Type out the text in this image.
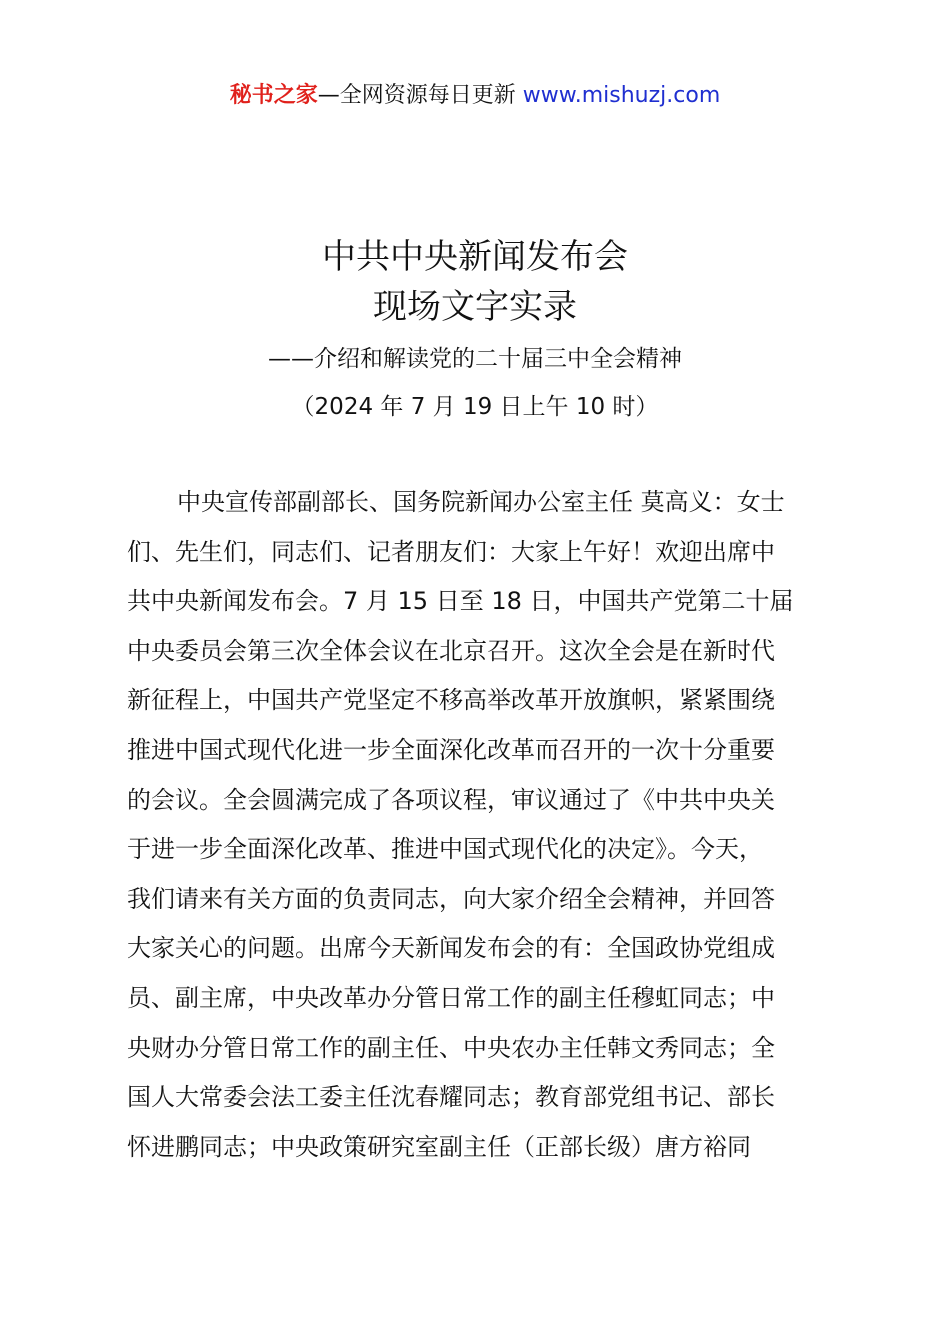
秘书之家—全网资源每日更新 www.mishuzj.com
中共中央新闻发布会
现场文字实录
——介绍和解读党的二十届三中全会精神
（2024 年 7 月 19 日上午 10 时）
中央宣传部副部长、国务院新闻办公室主任 莫高义：女士
们、先生们，同志们、记者朋友们：大家上午好！欢迎出席中
共中央新闻发布会。7 月 15 日至 18 日，中国共产党第二十届
中央委员会第三次全体会议在北京召开。这次全会是在新时代
新征程上，中国共产党坚定不移高举改革开放旗帜，紧紧围绕
推进中国式现代化进一步全面深化改革而召开的一次十分重要
的会议。全会圆满完成了各项议程，审议通过了《中共中央关
于进一步全面深化改革、推进中国式现代化的决定》。今天，
我们请来有关方面的负责同志，向大家介绍全会精神，并回答
大家关心的问题。出席今天新闻发布会的有：全国政协党组成
员、副主席，中央改革办分管日常工作的副主任穆虹同志；中
央财办分管日常工作的副主任、中央农办主任韩文秀同志；全
国人大常委会法工委主任沈春耀同志；教育部党组书记、部长
怀进鹏同志；中央政策研究室副主任（正部长级）唐方裕同
